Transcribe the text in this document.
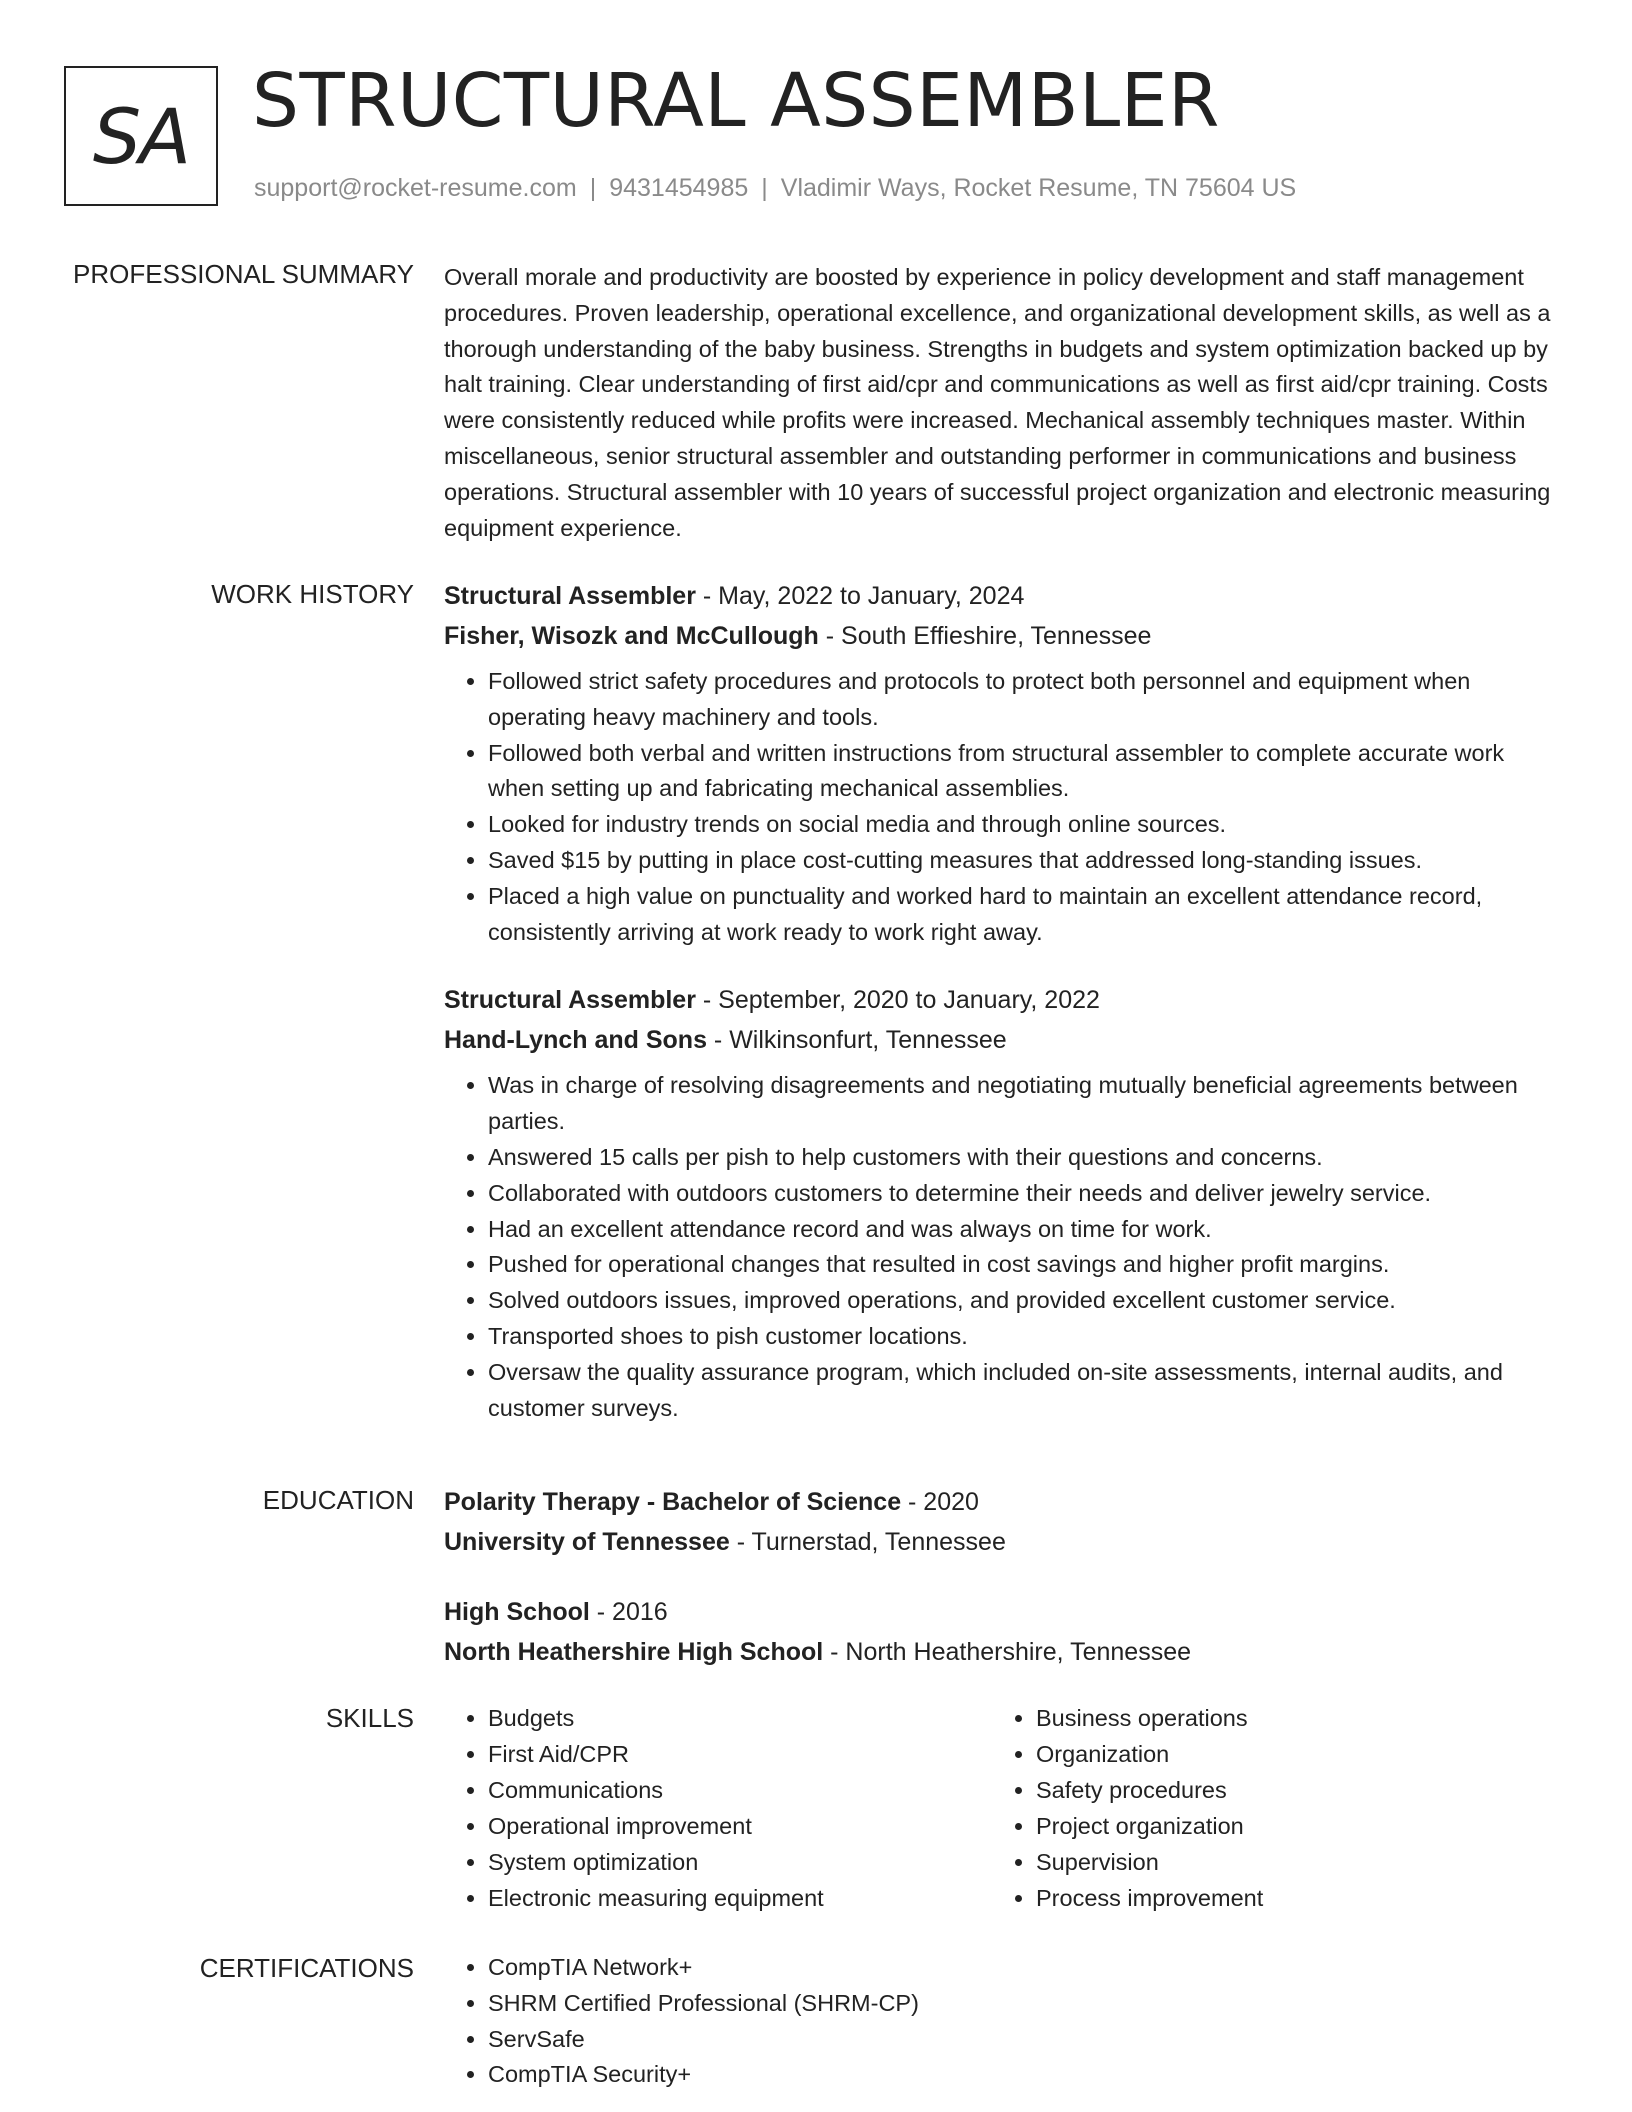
SA STRUCTURAL ASSEMBLER
support@rocket-resume.com | 9431454985 | Vladimir Ways, Rocket Resume, TN 75604 US
PROFESSIONAL SUMMARY Overall morale and productivity are boosted by experience in policy development and staff management procedures. Proven leadership, operational excellence, and organizational development skills, as well as a thorough understanding of the baby business. Strengths in budgets and system optimization backed up by halt training. Clear understanding of first aid/cpr and communications as well as first aid/cpr training. Costs were consistently reduced while profits were increased. Mechanical assembly techniques master. Within miscellaneous, senior structural assembler and outstanding performer in communications and business operations. Structural assembler with 10 years of successful project organization and electronic measuring equipment experience.

WORK HISTORY Structural Assembler - May, 2022 to January, 2024
Fisher, Wisozk and McCullough - South Effieshire, Tennessee
• Followed strict safety procedures and protocols to protect both personnel and equipment when operating heavy machinery and tools.
• Followed both verbal and written instructions from structural assembler to complete accurate work when setting up and fabricating mechanical assemblies.
• Looked for industry trends on social media and through online sources.
• Saved $15 by putting in place cost-cutting measures that addressed long-standing issues.
• Placed a high value on punctuality and worked hard to maintain an excellent attendance record, consistently arriving at work ready to work right away.
Structural Assembler - September, 2020 to January, 2022
Hand-Lynch and Sons - Wilkinsonfurt, Tennessee
• Was in charge of resolving disagreements and negotiating mutually beneficial agreements between parties.
• Answered 15 calls per pish to help customers with their questions and concerns.
• Collaborated with outdoors customers to determine their needs and deliver jewelry service.
• Had an excellent attendance record and was always on time for work.
• Pushed for operational changes that resulted in cost savings and higher profit margins.
• Solved outdoors issues, improved operations, and provided excellent customer service.
• Transported shoes to pish customer locations.
• Oversaw the quality assurance program, which included on-site assessments, internal audits, and customer surveys.
EDUCATION Polarity Therapy - Bachelor of Science - 2020
University of Tennessee - Turnerstad, Tennessee
High School - 2016
North Heathershire High School - North Heathershire, Tennessee
SKILLS	• Budgets
• First Aid/CPR
• Communications
• Operational improvement
• System optimization
• Electronic measuring equipment
• Business operations
• Organization
• Safety procedures
• Project organization
• Supervision
• Process improvement
CERTIFICATIONS	• CompTIA Network+
• SHRM Certified Professional (SHRM-CP)
• ServSafe
• CompTIA Security+
